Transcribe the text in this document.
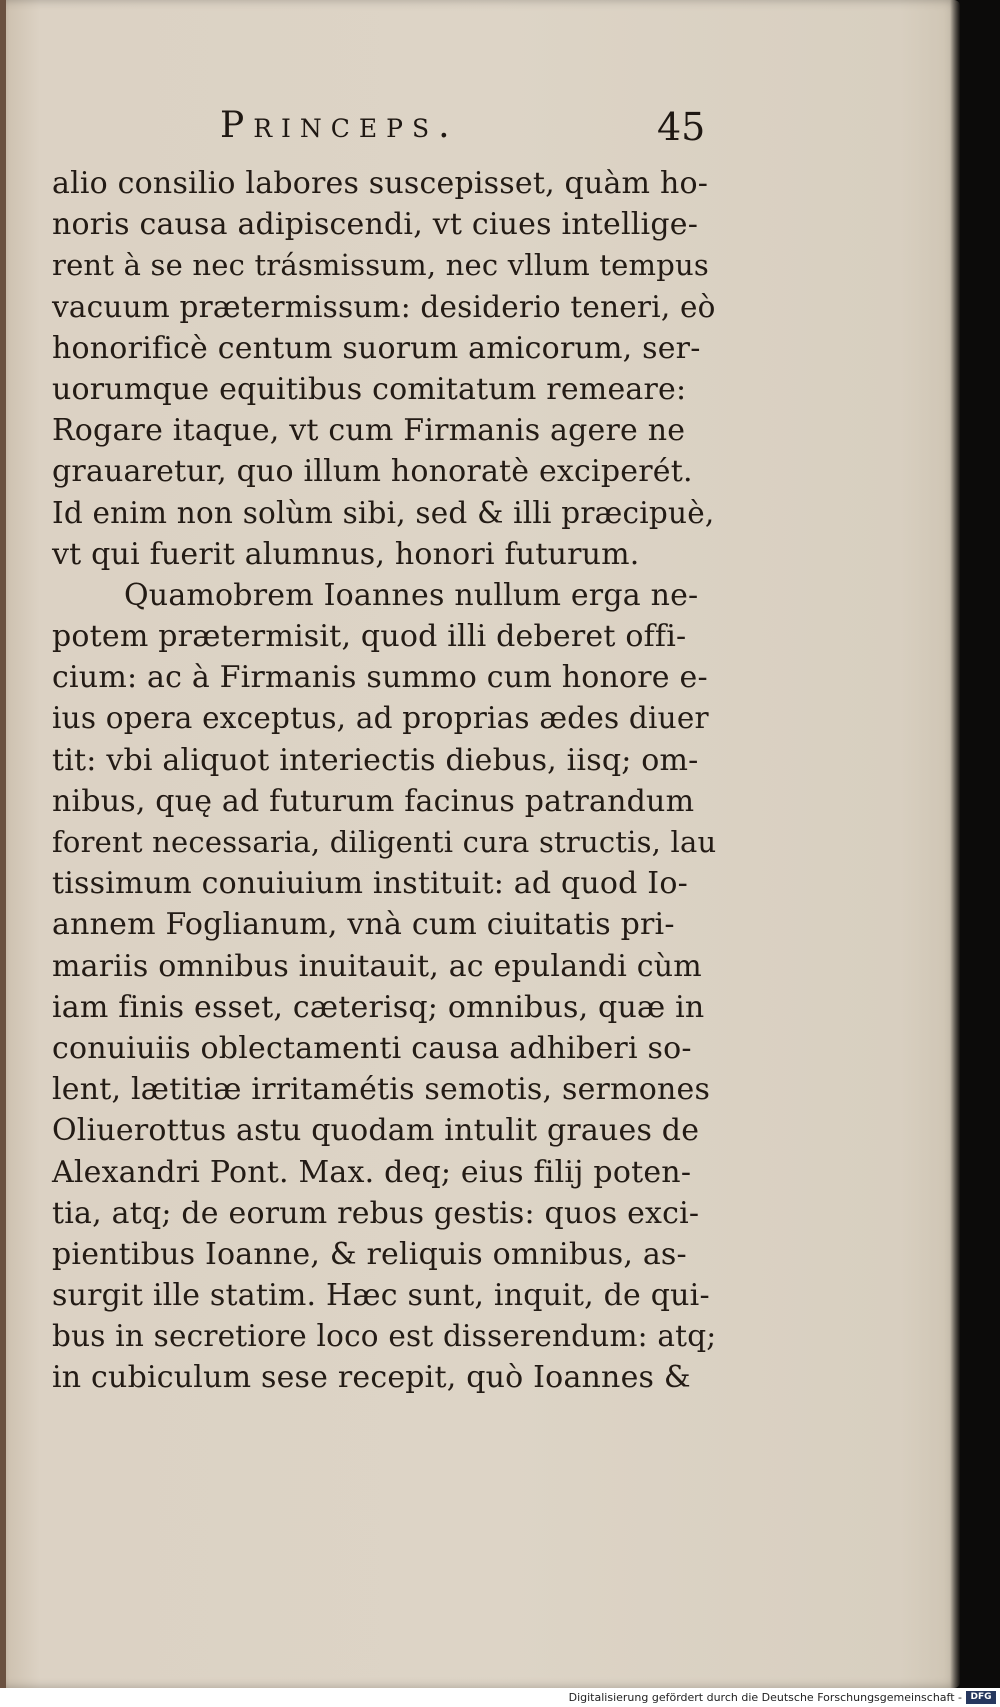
Princeps.	45
alio consilio labores suscepisset, quàm ho-
noris causa adipiscendi, vt ciues intellige-
rent à se nec trásmissum, nec vllum tempus
vacuum prætermissum: desiderio teneri, eò
honorificè centum suorum amicorum, ser-
uorumque equitibus comitatum remeare:
Rogare itaque, vt cum Firmanis agere ne
grauaretur, quo illum honoratè exciperét.
Id enim non solùm sibi, sed & illi præcipuè,
vt qui fuerit alumnus, honori futurum.
Quamobrem Ioannes nullum erga ne-
potem prætermisit, quod illi deberet offi-
cium: ac à Firmanis summo cum honore e-
ius opera exceptus, ad proprias ædes diuer
tit: vbi aliquot interiectis diebus, iisq; om-
nibus, quę ad futurum facinus patrandum
forent necessaria, diligenti cura structis, lau
tissimum conuiuium instituit: ad quod Io-
annem Foglianum, vnà cum ciuitatis pri-
mariis omnibus inuitauit, ac epulandi cùm
iam finis esset, cæterisq; omnibus, quæ in
conuiuiis oblectamenti causa adhiberi so-
lent, lætitiæ irritamétis semotis, sermones
Oliuerottus astu quodam intulit graues de
Alexandri Pont. Max. deq; eius filij poten-
tia, atq; de eorum rebus gestis: quos exci-
pientibus Ioanne, & reliquis omnibus, as-
surgit ille statim. Hæc sunt, inquit, de qui-
bus in secretiore loco est disserendum: atq;
in cubiculum sese recepit, quò Ioannes &
Digitalisierung gefördert durch die Deutsche Forschungsgemeinschaft - DFG
